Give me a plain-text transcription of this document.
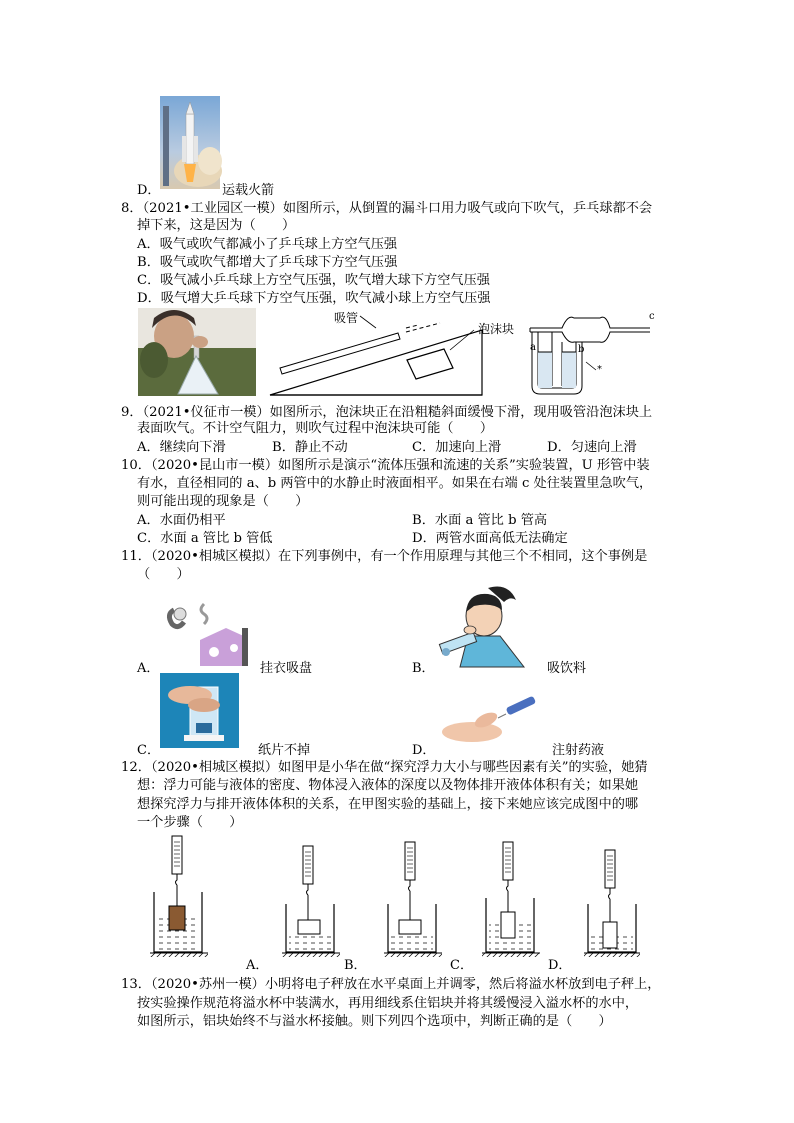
D．	运载火箭
8．（2021•工业园区一模）如图所示，从倒置的漏斗口用力吸气或向下吹气，乒乓球都不会
掉下来，这是因为（　　）
A．吸气或吹气都减小了乒乓球上方空气压强
B．吸气或吹气都增大了乒乓球下方空气压强
C．吸气减小乒乓球上方空气压强，吹气增大球下方空气压强
D．吸气增大乒乓球下方空气压强，吹气减小球上方空气压强
吸管
泡沫块
*
a	b
c
9．（2021•仪征市一模）如图所示，泡沫块正在沿粗糙斜面缓慢下滑，现用吸管沿泡沫块上
表面吹气。不计空气阻力，则吹气过程中泡沫块可能（　　）
A．继续向下滑	B．静止不动	C．加速向上滑	D．匀速向上滑
10．（2020•昆山市一模）如图所示是演示“流体压强和流速的关系”实验装置，U 形管中装
有水，直径相同的 a、b 两管中的水静止时液面相平。如果在右端 c 处往装置里急吹气，
则可能出现的现象是（　　）
A．水面仍相平	B．水面 a 管比 b 管高
C．水面 a 管比 b 管低	D．两管水面高低无法确定
11．（2020•相城区模拟）在下列事例中，有一个作用原理与其他三个不相同，这个事例是
（　　）
A．	挂衣吸盘	B．	吸饮料
C．	纸片不掉	D．	注射药液
12．（2020•相城区模拟）如图甲是小华在做“探究浮力大小与哪些因素有关”的实验，她猜
想：浮力可能与液体的密度、物体浸入液体的深度以及物体排开液体体积有关；如果她
想探究浮力与排开液体体积的关系，在甲图实验的基础上，接下来她应该完成图中的哪
一个步骤（　　）
A．	B．	C．	D．
13．（2020•苏州一模）小明将电子秤放在水平桌面上并调零，然后将溢水杯放到电子秤上，
按实验操作规范将溢水杯中装满水，再用细线系住铝块并将其缓慢浸入溢水杯的水中，
如图所示，铝块始终不与溢水杯接触。则下列四个选项中，判断正确的是（　　）
